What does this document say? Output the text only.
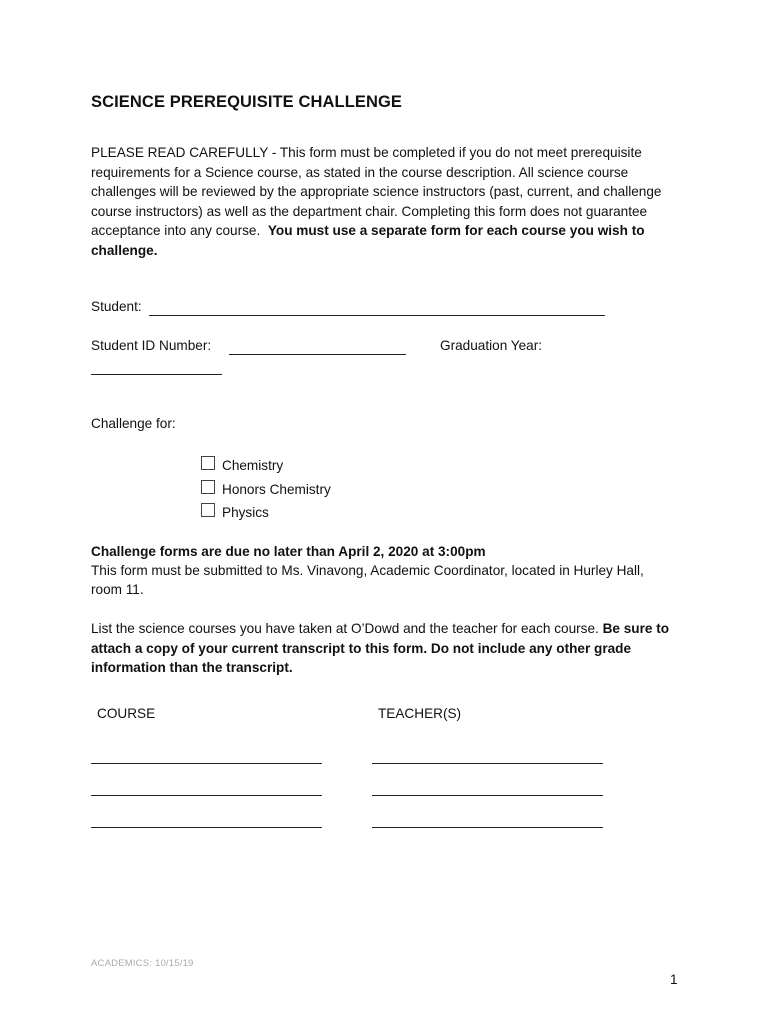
SCIENCE PREREQUISITE CHALLENGE
PLEASE READ CAREFULLY - This form must be completed if you do not meet prerequisite
requirements for a Science course, as stated in the course description. All science course
challenges will be reviewed by the appropriate science instructors (past, current, and challenge
course instructors) as well as the department chair. Completing this form does not guarantee
acceptance into any course.  You must use a separate form for each course you wish to
challenge.
Student:
Student ID Number:	Graduation Year:
Challenge for:
Chemistry
Honors Chemistry
Physics
Challenge forms are due no later than April 2, 2020 at 3:00pm
This form must be submitted to Ms. Vinavong, Academic Coordinator, located in Hurley Hall,
room 11.
List the science courses you have taken at O’Dowd and the teacher for each course. Be sure to
attach a copy of your current transcript to this form. Do not include any other grade
information than the transcript.
COURSE	TEACHER(S)
ACADEMICS: 10/15/19
1
